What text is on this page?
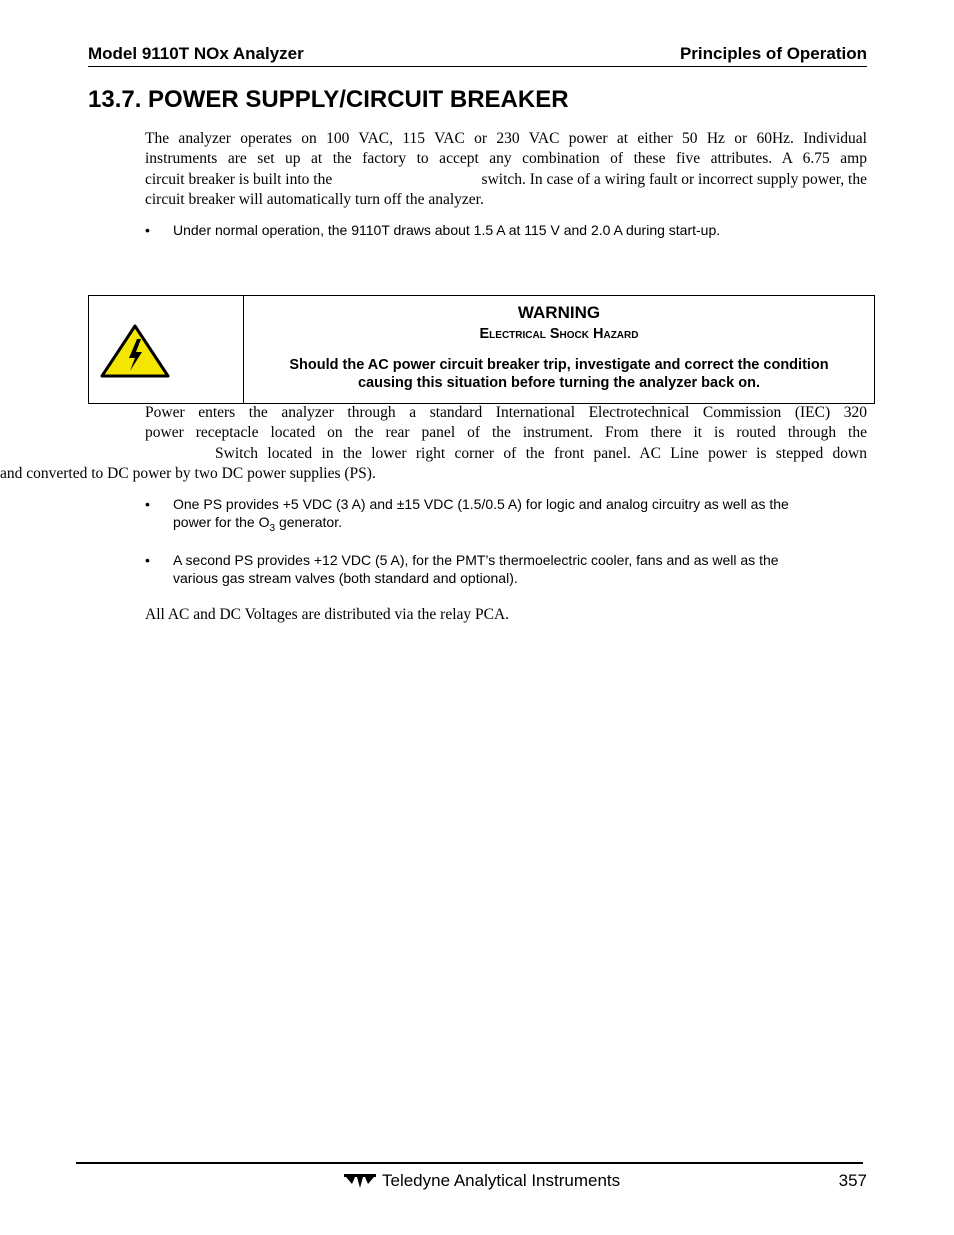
Model 9110T NOx Analyzer	Principles of Operation
13.7. POWER SUPPLY/CIRCUIT BREAKER
The analyzer operates on 100 VAC, 115 VAC or 230 VAC power at either 50 Hz or 60Hz. Individual
instruments are set up at the factory to accept any combination of these five attributes. A 6.75 amp
circuit breaker is built into the	switch. In case of a wiring fault or incorrect supply power, the
circuit breaker will automatically turn off the analyzer.
• Under normal operation, the 9110T draws about 1.5 A at 115 V and 2.0 A during start-up.
WARNING
Electrical Shock Hazard
Should the AC power circuit breaker trip, investigate and correct the condition
causing this situation before turning the analyzer back on.
Power enters the analyzer through a standard International Electrotechnical Commission (IEC) 320
power receptacle located on the rear panel of the instrument. From there it is routed through the
Switch located in the lower right corner of the front panel. AC Line power is stepped down
and converted to DC power by two DC power supplies (PS).
• One PS provides +5 VDC (3 A) and ±15 VDC (1.5/0.5 A) for logic and analog circuitry as well as the
power for the $O_3$ generator.
• A second PS provides +12 VDC (5 A), for the PMT’s thermoelectric cooler, fans and as well as the
various gas stream valves (both standard and optional).
All AC and DC Voltages are distributed via the relay PCA.
Teledyne Analytical Instruments	357
